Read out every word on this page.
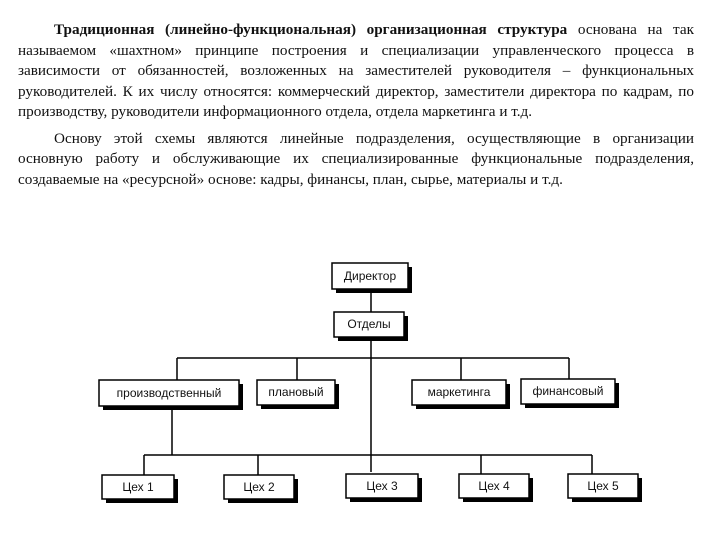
Традиционная (линейно-функциональная) организационная структура основана на так называемом «шахтном» принципе построения и специализации управленческого процесса в зависимости от обязанностей, возложенных на заместителей руководителя – функциональных руководителей. К их числу относятся: коммерческий директор, заместители директора по кадрам, по производству, руководители информационного отдела, отдела маркетинга и т.д.

Основу этой схемы являются линейные подразделения, осуществляющие в организации основную работу и обслуживающие их специализированные функциональные подразделения, создаваемые на «ресурсной» основе: кадры, финансы, план, сырье, материалы и т.д.

Директор
Отделы
производственный	плановый	маркетинга	финансовый
Цех 1	Цех 2	Цех 3	Цех 4	Цех 5
